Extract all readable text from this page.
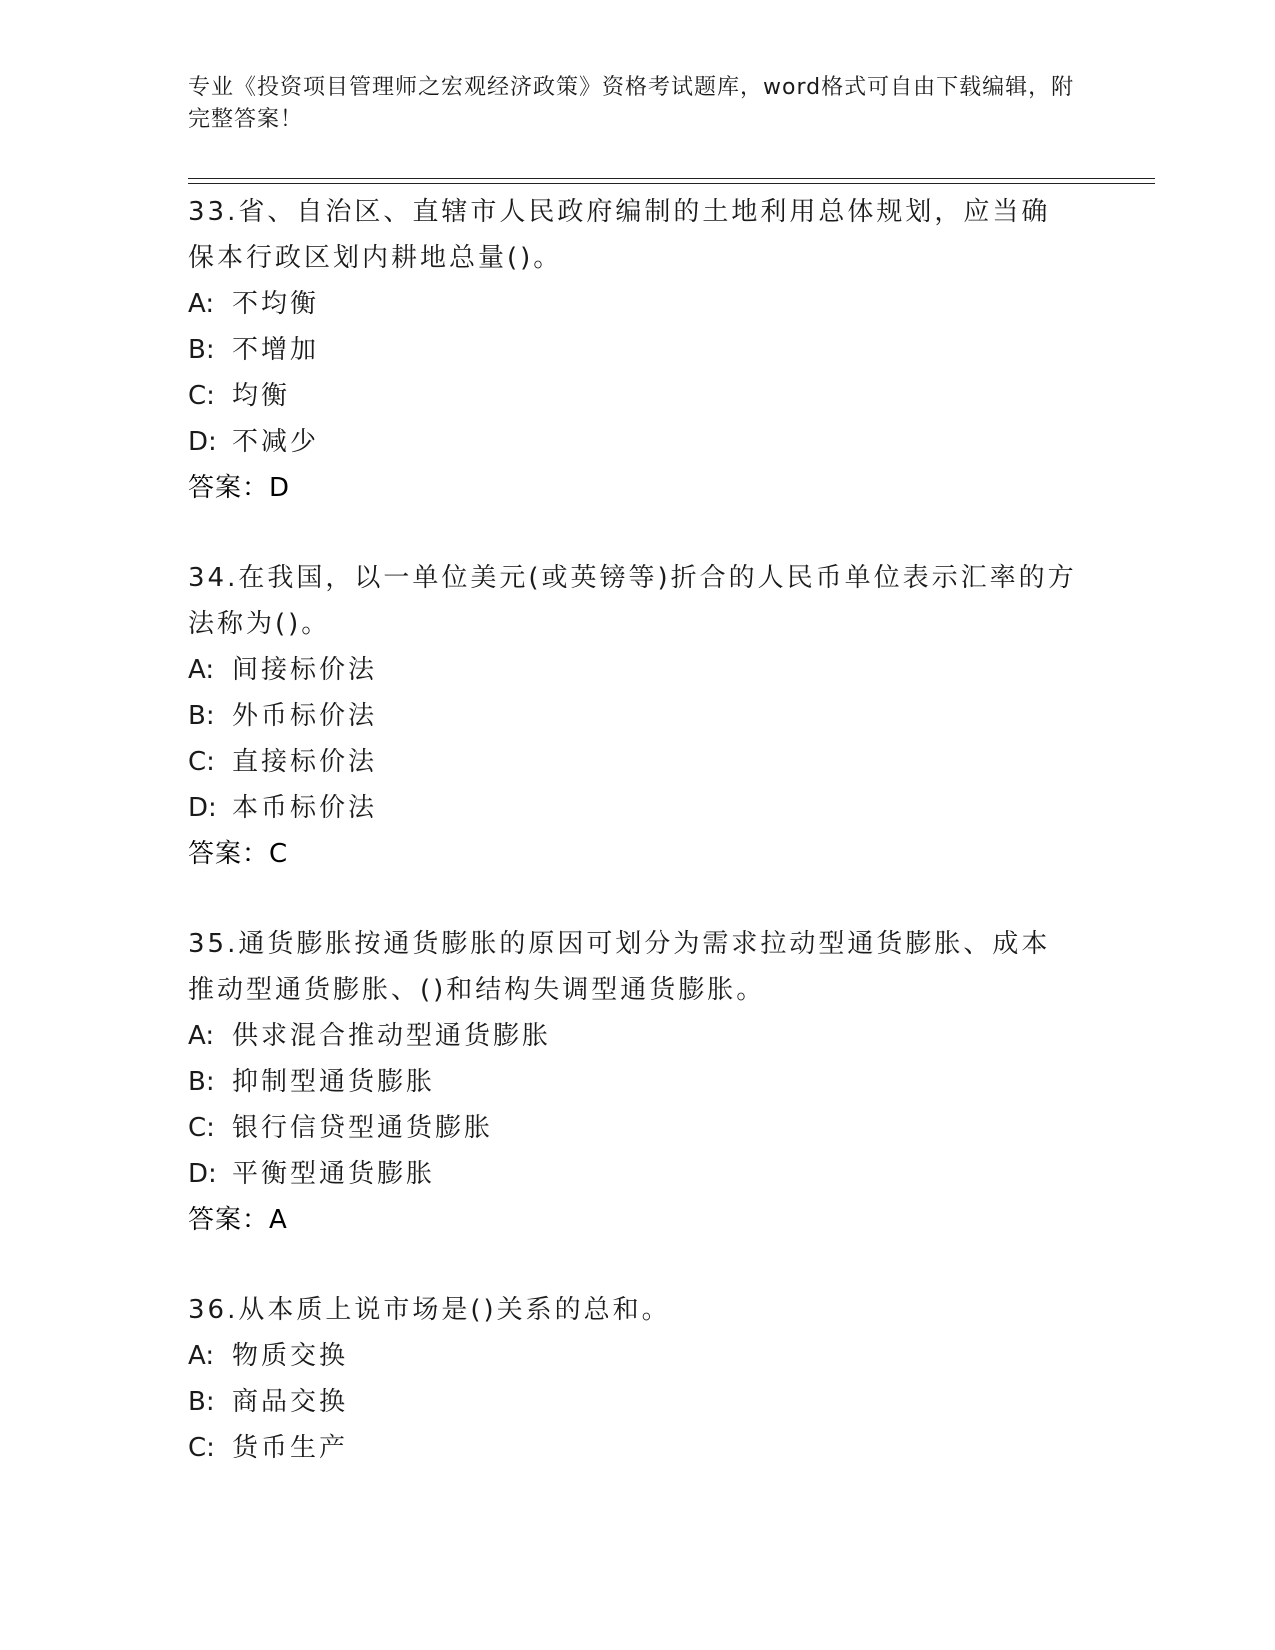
专业《投资项目管理师之宏观经济政策》资格考试题库，word格式可自由下载编辑，附完整答案！
33.省、自治区、直辖市人民政府编制的土地利用总体规划，应当确保本行政区划内耕地总量()。
A: 不均衡
B: 不增加
C: 均衡
D: 不减少
答案：D
34.在我国，以一单位美元(或英镑等)折合的人民币单位表示汇率的方法称为()。
A: 间接标价法
B: 外币标价法
C: 直接标价法
D: 本币标价法
答案：C
35.通货膨胀按通货膨胀的原因可划分为需求拉动型通货膨胀、成本推动型通货膨胀、()和结构失调型通货膨胀。
A: 供求混合推动型通货膨胀
B: 抑制型通货膨胀
C: 银行信贷型通货膨胀
D: 平衡型通货膨胀
答案：A
36.从本质上说市场是()关系的总和。
A: 物质交换
B: 商品交换
C: 货币生产
